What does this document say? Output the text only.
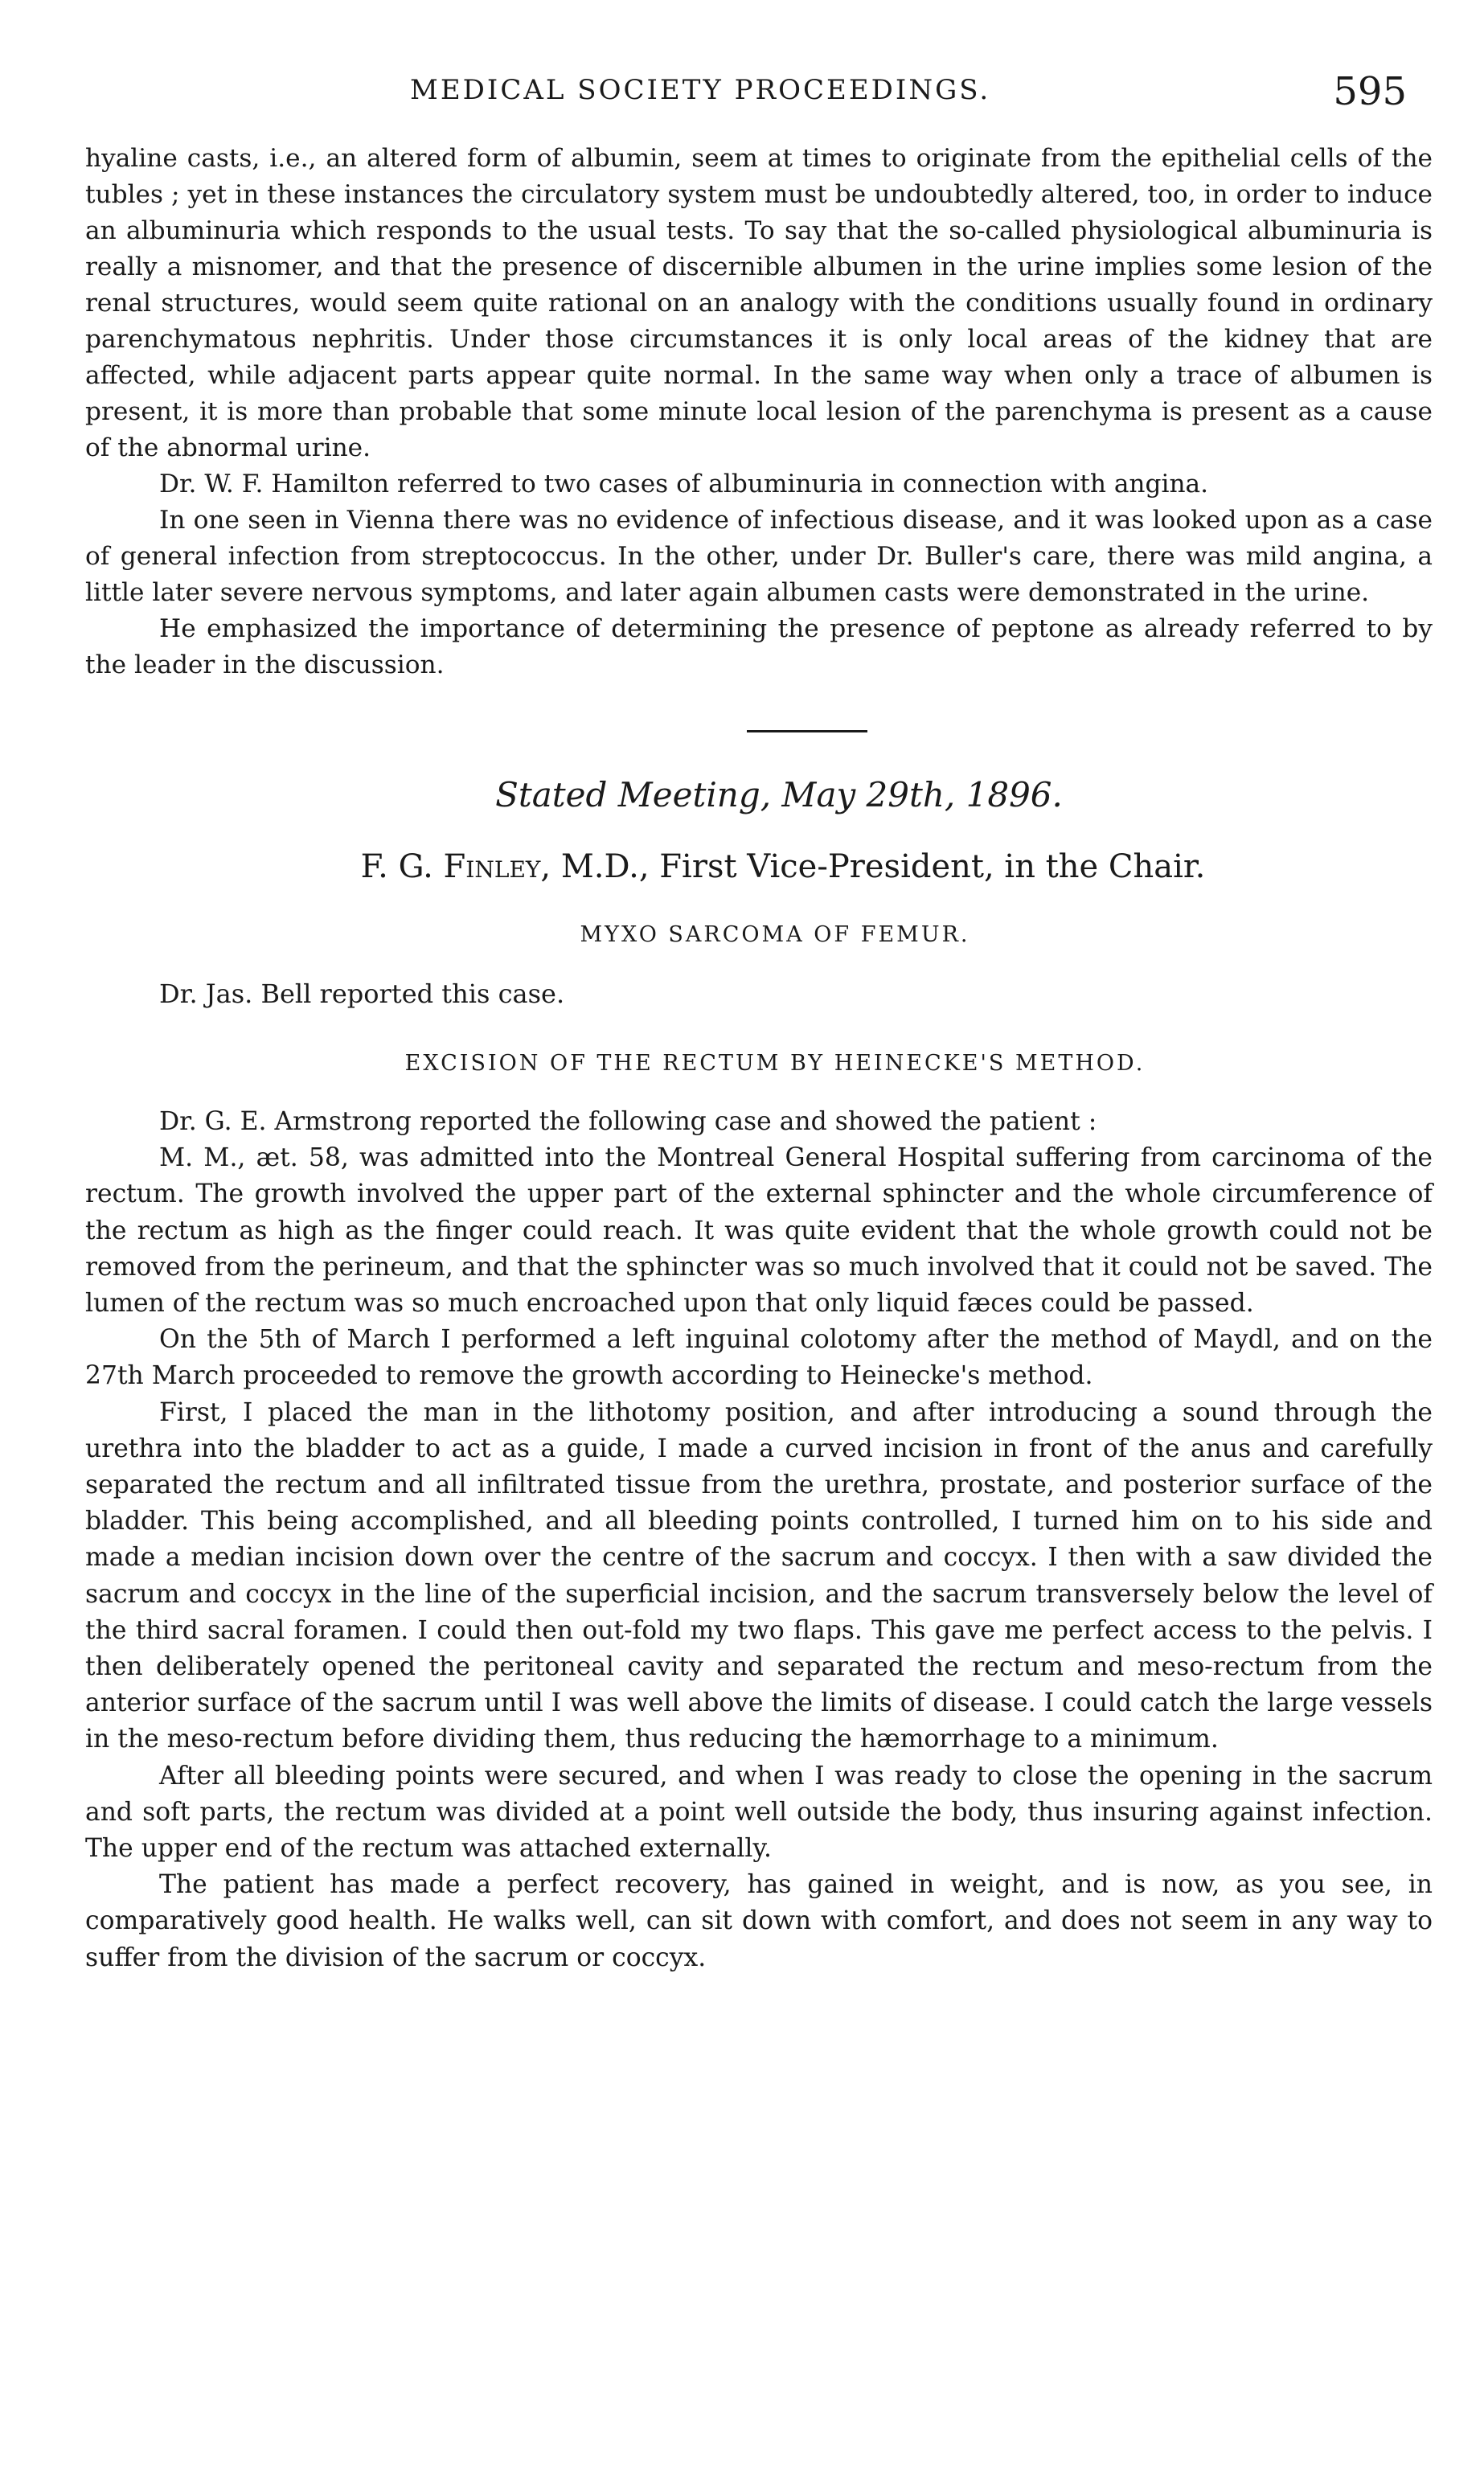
MEDICAL SOCIETY PROCEEDINGS.	595

hyaline casts, i.e., an altered form of albumin, seem at times to originate from the epithelial cells of the tubles ; yet in these instances the circulatory system must be undoubtedly altered, too, in order to induce an albuminuria which responds to the usual tests. To say that the so-called physiological albuminuria is really a misnomer, and that the presence of discernible albumen in the urine implies some lesion of the renal structures, would seem quite rational on an analogy with the conditions usually found in ordinary parenchymatous nephritis. Under those circumstances it is only local areas of the kidney that are affected, while adjacent parts appear quite normal. In the same way when only a trace of albumen is present, it is more than probable that some minute local lesion of the parenchyma is present as a cause of the abnormal urine.

Dr. W. F. Hamilton referred to two cases of albuminuria in connection with angina.

In one seen in Vienna there was no evidence of infectious disease, and it was looked upon as a case of general infection from streptococcus. In the other, under Dr. Buller's care, there was mild angina, a little later severe nervous symptoms, and later again albumen casts were demonstrated in the urine.

He emphasized the importance of determining the presence of peptone as already referred to by the leader in the discussion.

Stated Meeting, May 29th, 1896.
F. G. Finley, M.D., First Vice-President, in the Chair.
MYXO SARCOMA OF FEMUR.

Dr. Jas. Bell reported this case.

EXCISION OF THE RECTUM BY HEINECKE'S METHOD.

Dr. G. E. Armstrong reported the following case and showed the patient :

M. M., æt. 58, was admitted into the Montreal General Hospital suffering from carcinoma of the rectum. The growth involved the upper part of the external sphincter and the whole circumference of the rectum as high as the finger could reach. It was quite evident that the whole growth could not be removed from the perineum, and that the sphincter was so much involved that it could not be saved. The lumen of the rectum was so much encroached upon that only liquid fæces could be passed.

On the 5th of March I performed a left inguinal colotomy after the method of Maydl, and on the 27th March proceeded to remove the growth according to Heinecke's method.

First, I placed the man in the lithotomy position, and after introducing a sound through the urethra into the bladder to act as a guide, I made a curved incision in front of the anus and carefully separated the rectum and all infiltrated tissue from the urethra, prostate, and posterior surface of the bladder. This being accomplished, and all bleeding points controlled, I turned him on to his side and made a median incision down over the centre of the sacrum and coccyx. I then with a saw divided the sacrum and coccyx in the line of the superficial incision, and the sacrum transversely below the level of the third sacral foramen. I could then out-fold my two flaps. This gave me perfect access to the pelvis. I then deliberately opened the peritoneal cavity and separated the rectum and meso-rectum from the anterior surface of the sacrum until I was well above the limits of disease. I could catch the large vessels in the meso-rectum before dividing them, thus reducing the hæmorrhage to a minimum.

After all bleeding points were secured, and when I was ready to close the opening in the sacrum and soft parts, the rectum was divided at a point well outside the body, thus insuring against infection. The upper end of the rectum was attached externally.

The patient has made a perfect recovery, has gained in weight, and is now, as you see, in comparatively good health. He walks well, can sit down with comfort, and does not seem in any way to suffer from the division of the sacrum or coccyx.
